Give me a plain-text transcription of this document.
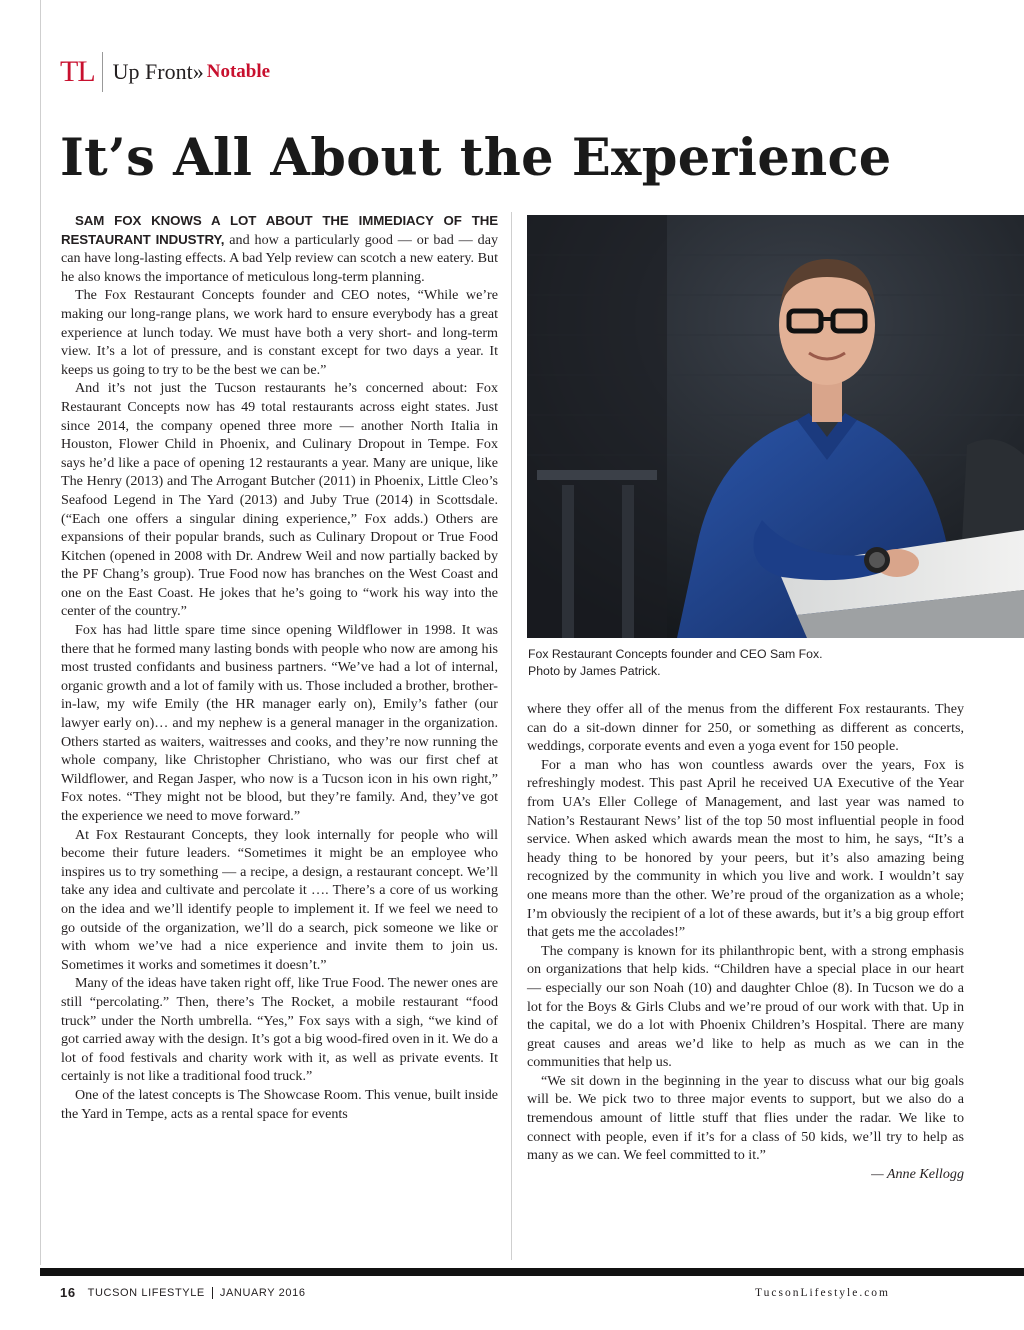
TL Up Front » Notable
It’s All About the Experience

SAM FOX KNOWS A LOT ABOUT THE IMMEDIACY OF THE RESTAURANT INDUSTRY, and how a particularly good — or bad — day can have long-lasting effects. A bad Yelp review can scotch a new eatery. But he also knows the importance of meticulous long-term planning.

The Fox Restaurant Concepts founder and CEO notes, “While we’re making our long-range plans, we work hard to ensure everybody has a great experience at lunch today. We must have both a very short- and long-term view. It’s a lot of pressure, and is constant except for two days a year. It keeps us going to try to be the best we can be.”

And it’s not just the Tucson restaurants he’s concerned about: Fox Restaurant Concepts now has 49 total restaurants across eight states. Just since 2014, the company opened three more — another North Italia in Houston, Flower Child in Phoenix, and Culinary Dropout in Tempe. Fox says he’d like a pace of opening 12 restaurants a year. Many are unique, like The Henry (2013) and The Arrogant Butcher (2011) in Phoenix, Little Cleo’s Seafood Legend in The Yard (2013) and Juby True (2014) in Scottsdale. (“Each one offers a singular dining experience,” Fox adds.) Others are expansions of their popular brands, such as Culinary Dropout or True Food Kitchen (opened in 2008 with Dr. Andrew Weil and now partially backed by the PF Chang’s group). True Food now has branches on the West Coast and one on the East Coast. He jokes that he’s going to “work his way into the center of the country.”

Fox has had little spare time since opening Wildflower in 1998. It was there that he formed many lasting bonds with people who now are among his most trusted confidants and business partners. “We’ve had a lot of internal, organic growth and a lot of family with us. Those included a brother, brother-in-law, my wife Emily (the HR manager early on), Emily’s father (our lawyer early on)… and my nephew is a general manager in the organization. Others started as waiters, waitresses and cooks, and they’re now running the whole company, like Christopher Christiano, who was our first chef at Wildflower, and Regan Jasper, who now is a Tucson icon in his own right,” Fox notes. “They might not be blood, but they’re family. And, they’ve got the experience we need to move forward.”

At Fox Restaurant Concepts, they look internally for people who will become their future leaders. “Sometimes it might be an employee who inspires us to try something — a recipe, a design, a restaurant concept. We’ll take any idea and cultivate and percolate it …. There’s a core of us working on the idea and we’ll identify people to implement it. If we feel we need to go outside of the organization, we’ll do a search, pick someone we like or with whom we’ve had a nice experience and invite them to join us. Sometimes it works and sometimes it doesn’t.”

Many of the ideas have taken right off, like True Food. The newer ones are still “percolating.” Then, there’s The Rocket, a mobile restaurant “food truck” under the North umbrella. “Yes,” Fox says with a sigh, “we kind of got carried away with the design. It’s got a big wood-fired oven in it. We do a lot of food festivals and charity work with it, as well as private events. It certainly is not like a traditional food truck.”

One of the latest concepts is The Showcase Room. This venue, built inside the Yard in Tempe, acts as a rental space for events

Fox Restaurant Concepts founder and CEO Sam Fox.
Photo by James Patrick.

where they offer all of the menus from the different Fox restaurants. They can do a sit-down dinner for 250, or something as different as concerts, weddings, corporate events and even a yoga event for 150 people.

For a man who has won countless awards over the years, Fox is refreshingly modest. This past April he received UA Executive of the Year from UA’s Eller College of Management, and last year was named to Nation’s Restaurant News’ list of the top 50 most influential people in food service. When asked which awards mean the most to him, he says, “It’s a heady thing to be honored by your peers, but it’s also amazing being recognized by the community in which you live and work. I wouldn’t say one means more than the other. We’re proud of the organization as a whole; I’m obviously the recipient of a lot of these awards, but it’s a big group effort that gets me the accolades!”

The company is known for its philanthropic bent, with a strong emphasis on organizations that help kids. “Children have a special place in our heart — especially our son Noah (10) and daughter Chloe (8). In Tucson we do a lot for the Boys & Girls Clubs and we’re proud of our work with that. Up in the capital, we do a lot with Phoenix Children’s Hospital. There are many great causes and areas we’d like to help as much as we can in the communities that help us.

“We sit down in the beginning in the year to discuss what our big goals will be. We pick two to three major events to support, but we also do a tremendous amount of little stuff that flies under the radar. We like to connect with people, even if it’s for a class of 50 kids, we’ll try to help as many as we can. We feel committed to it.”

— Anne Kellogg

16 TUCSON LIFESTYLE JANUARY 2016	TucsonLifestyle.com
